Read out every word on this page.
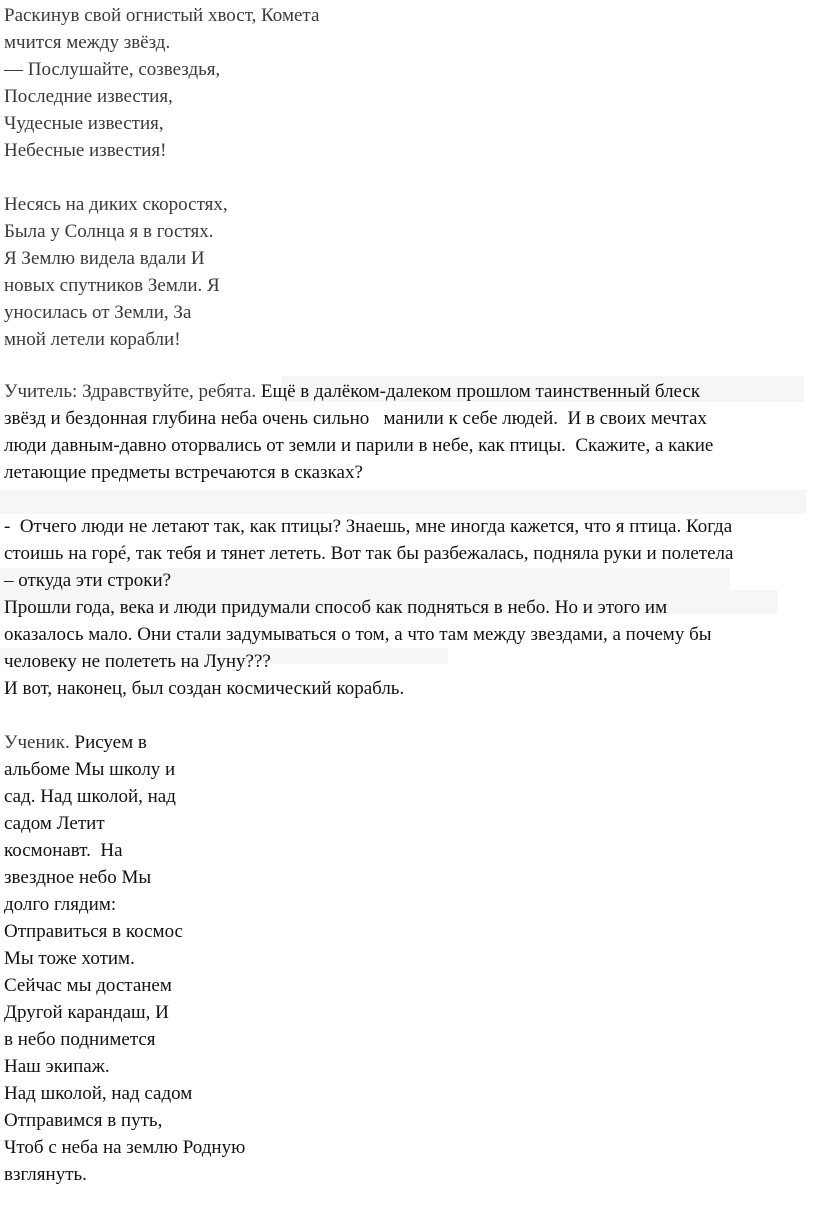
Раскинув свой огнистый хвост, Комета
мчится между звёзд.
— Послушайте, созвездья,
Последние известия,
Чудесные известия,
Небесные известия!
Несясь на диких скоростях,
Была у Солнца я в гостях.
Я Землю видела вдали И
новых спутников Земли. Я
уносилась от Земли, За
мной летели корабли!
Учитель: Здравствуйте, ребята. Ещё в далёком-далеком прошлом таинственный блеск
звёзд и бездонная глубина неба очень сильно   манили к себе людей.  И в своих мечтах
люди давным-давно оторвались от земли и парили в небе, как птицы.  Скажите, а какие
летающие предметы встречаются в сказках?
-  Отчего люди не летают так, как птицы? Знаешь, мне иногда кажется, что я птица. Когда
стоишь на горé, так тебя и тянет лететь. Вот так бы разбежалась, подняла руки и полетела
– откуда эти строки?
Прошли года, века и люди придумали способ как подняться в небо. Но и этого им
оказалось мало. Они стали задумываться о том, а что там между звездами, а почему бы
человеку не полететь на Луну???
И вот, наконец, был создан космический корабль.
Ученик. Рисуем в
альбоме Мы школу и
сад. Над школой, над
садом Летит
космонавт.  На
звездное небо Мы
долго глядим:
Отправиться в космос
Мы тоже хотим.
Сейчас мы достанем
Другой карандаш, И
в небо поднимется
Наш экипаж.
Над школой, над садом
Отправимся в путь,
Чтоб с неба на землю Родную
взглянуть.
